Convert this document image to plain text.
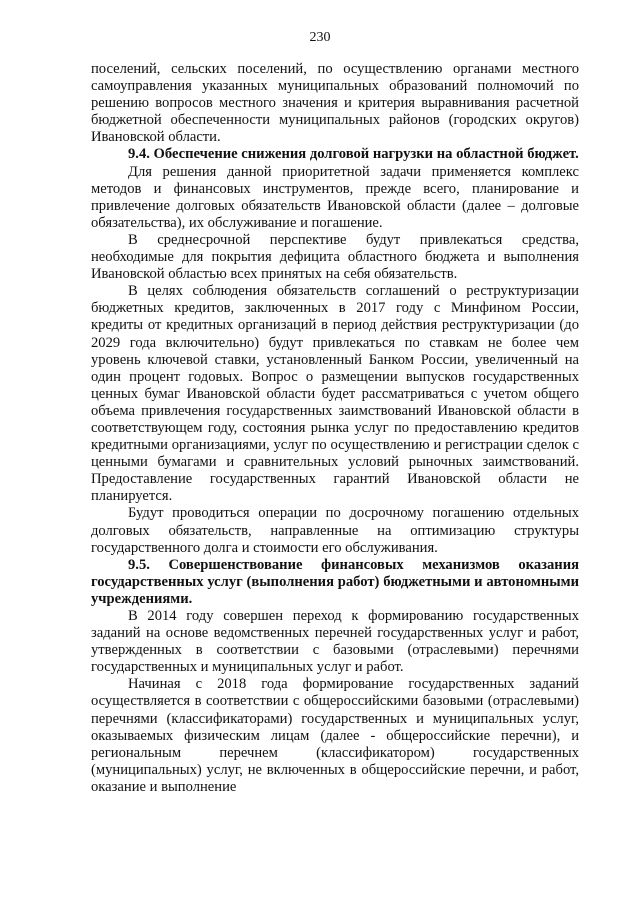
230

поселений, сельских поселений, по осуществлению органами местного самоуправления указанных муниципальных образований полномочий по решению вопросов местного значения и критерия выравнивания расчетной бюджетной обеспеченности муниципальных районов (городских округов) Ивановской области.

9.4. Обеспечение снижения долговой нагрузки на областной бюджет.

Для решения данной приоритетной задачи применяется комплекс методов и финансовых инструментов, прежде всего, планирование и привлечение долговых обязательств Ивановской области (далее – долговые обязательства), их обслуживание и погашение.

В среднесрочной перспективе будут привлекаться средства, необходимые для покрытия дефицита областного бюджета и выполнения Ивановской областью всех принятых на себя обязательств.

В целях соблюдения обязательств соглашений о реструктуризации бюджетных кредитов, заключенных в 2017 году с Минфином России, кредиты от кредитных организаций в период действия реструктуризации (до 2029 года включительно) будут привлекаться по ставкам не более чем уровень ключевой ставки, установленный Банком России, увеличенный на один процент годовых. Вопрос о размещении выпусков государственных ценных бумаг Ивановской области будет рассматриваться с учетом общего объема привлечения государственных заимствований Ивановской области в соответствующем году, состояния рынка услуг по предоставлению кредитов кредитными организациями, услуг по осуществлению и регистрации сделок с ценными бумагами и сравнительных условий рыночных заимствований. Предоставление государственных гарантий Ивановской области не планируется.

Будут проводиться операции по досрочному погашению отдельных долговых обязательств, направленные на оптимизацию структуры государственного долга и стоимости его обслуживания.

9.5. Совершенствование финансовых механизмов оказания государственных услуг (выполнения работ) бюджетными и автономными учреждениями.

В 2014 году совершен переход к формированию государственных заданий на основе ведомственных перечней государственных услуг и работ, утвержденных в соответствии с базовыми (отраслевыми) перечнями государственных и муниципальных услуг и работ.

Начиная с 2018 года формирование государственных заданий осуществляется в соответствии с общероссийскими базовыми (отраслевыми) перечнями (классификаторами) государственных и муниципальных услуг, оказываемых физическим лицам (далее - общероссийские перечни), и региональным перечнем (классификатором) государственных (муниципальных) услуг, не включенных в общероссийские перечни, и работ, оказание и выполнение
